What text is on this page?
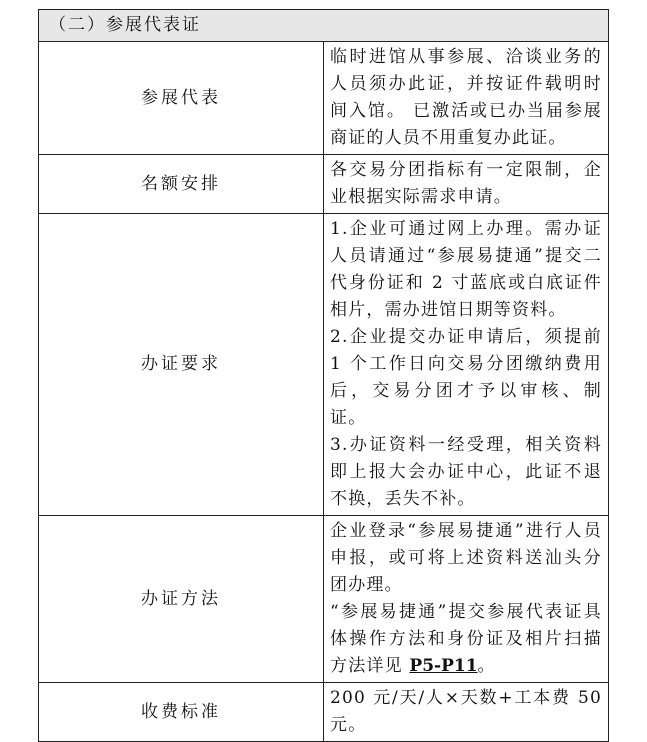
（二）参展代表证	
参展代表	临时进馆从事参展、洽谈业务的人员须办此证，并按证件载明时间入馆。 已激活或已办当届参展商证的人员不用重复办此证。

名额安排	各交易分团指标有一定限制，企业根据实际需求申请。

办证要求	1.企业可通过网上办理。需办证人员请通过“参展易捷通”提交二代身份证和 2 寸蓝底或白底证件相片，需办进馆日期等资料。
2.企业提交办证申请后，须提前 1 个工作日向交易分团缴纳费用后，交易分团才予以审核、制证。
3.办证资料一经受理，相关资料即上报大会办证中心，此证不退不换，丢失不补。

办证方法	企业登录“参展易捷通”进行人员申报，或可将上述资料送汕头分团办理。
“参展易捷通”提交参展代表证具体操作方法和身份证及相片扫描方法详见 P5-P11。

收费标准	200 元/天/人×天数+工本费 50 元。
